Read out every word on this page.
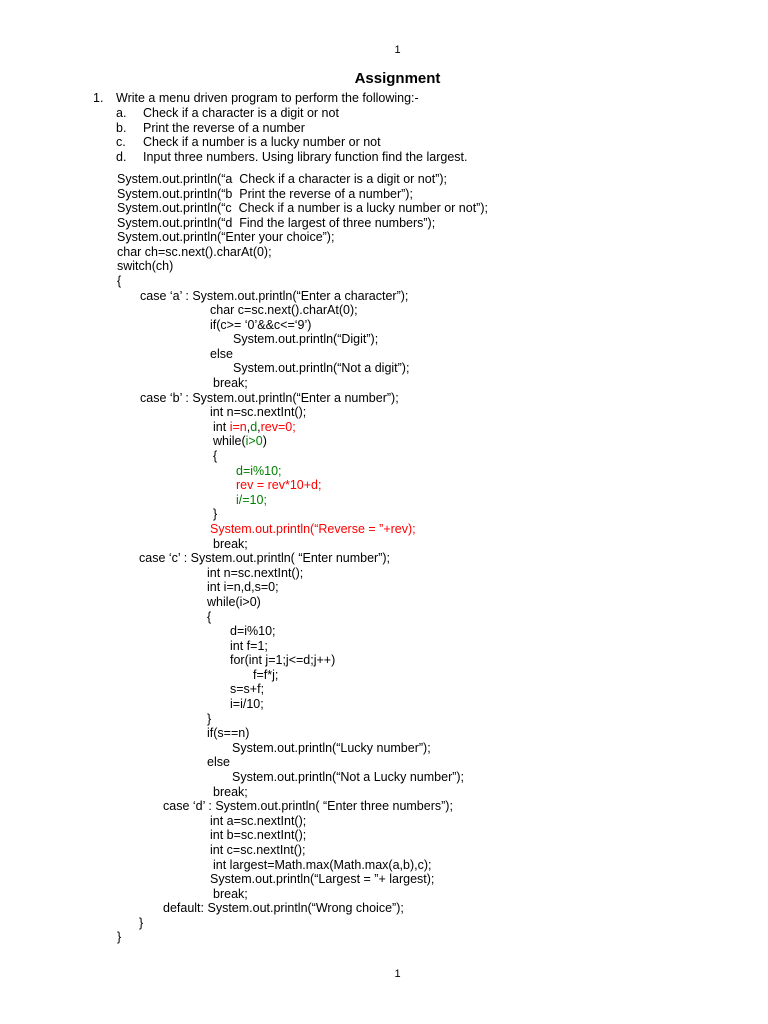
1
Assignment
1. Write a menu driven program to perform the following:-
a. Check if a character is a digit or not
b. Print the reverse of a number
c. Check if a number is a lucky number or not
d. Input three numbers. Using library function find the largest.
System.out.println(“a  Check if a character is a digit or not”);
System.out.println(“b  Print the reverse of a number”);
System.out.println(“c  Check if a number is a lucky number or not”);
System.out.println(“d  Find the largest of three numbers”);
System.out.println(“Enter your choice”);
char ch=sc.next().charAt(0);
switch(ch)
{
case ‘a’ : System.out.println(“Enter a character”);
char c=sc.next().charAt(0);
if(c>= ‘0’&&c<=‘9’)
System.out.println(“Digit”);
else
System.out.println(“Not a digit”);
break;
case ‘b’ : System.out.println(“Enter a number”);
int n=sc.nextInt();
int i=n,d,rev=0;
while(i>0)
{
d=i%10;
rev = rev*10+d;
i/=10;
}
System.out.println(“Reverse = ”+rev);
break;
case ‘c’ : System.out.println( “Enter number”);
int n=sc.nextInt();
int i=n,d,s=0;
while(i>0)
{
d=i%10;
int f=1;
for(int j=1;j<=d;j++)
f=f*j;
s=s+f;
i=i/10;
}
if(s==n)
System.out.println(“Lucky number”);
else
System.out.println(“Not a Lucky number”);
break;
case ‘d’ : System.out.println( “Enter three numbers”);
int a=sc.nextInt();
int b=sc.nextInt();
int c=sc.nextInt();
int largest=Math.max(Math.max(a,b),c);
System.out.println(“Largest = ”+ largest);
break;
default: System.out.println(“Wrong choice”);
}
}
1
